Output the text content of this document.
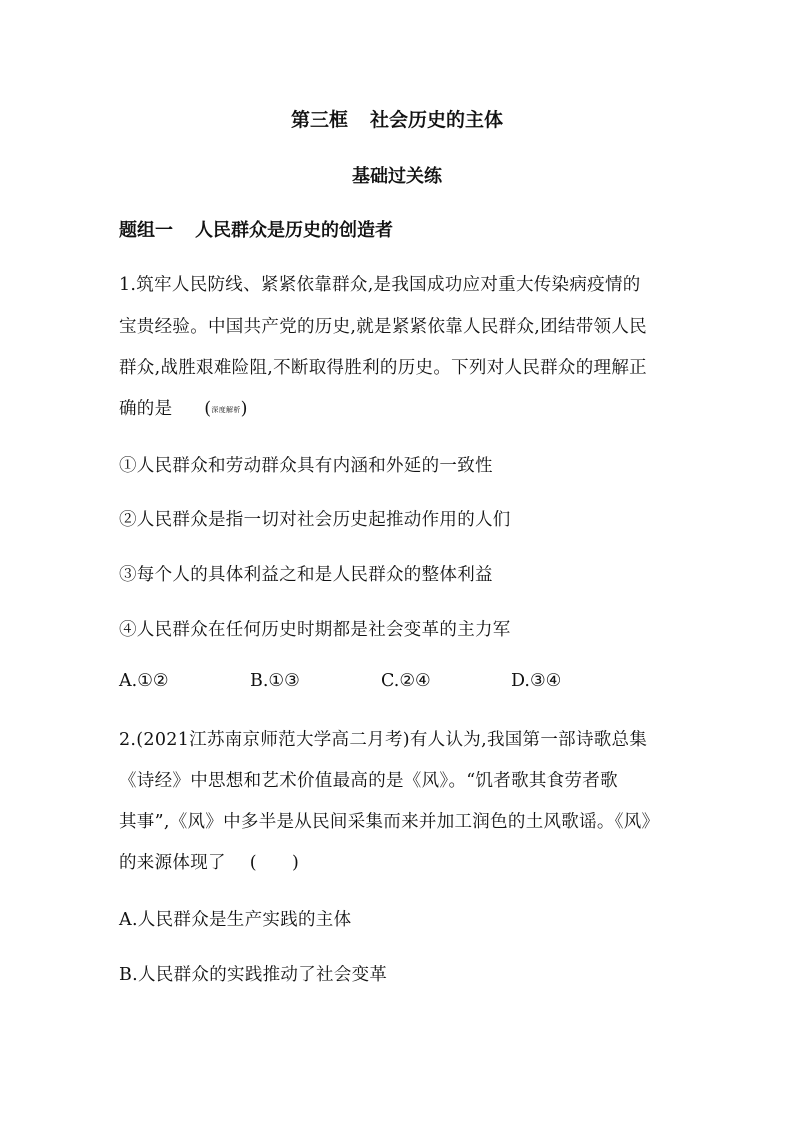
第三框 社会历史的主体
基础过关练
题组一 人民群众是历史的创造者
1.筑牢人民防线、紧紧依靠群众,是我国成功应对重大传染病疫情的
宝贵经验。中国共产党的历史,就是紧紧依靠人民群众,团结带领人民
群众,战胜艰难险阻,不断取得胜利的历史。下列对人民群众的理解正
确的是 (深度解析)
①人民群众和劳动群众具有内涵和外延的一致性
②人民群众是指一切对社会历史起推动作用的人们
③每个人的具体利益之和是人民群众的整体利益
④人民群众在任何历史时期都是社会变革的主力军
A.①②	B.①③	C.②④	D.③④
2.(2021江苏南京师范大学高二月考)有人认为,我国第一部诗歌总集
《诗经》中思想和艺术价值最高的是《风》。“饥者歌其食劳者歌
其事”,《风》中多半是从民间采集而来并加工润色的土风歌谣。《风》
的来源体现了 (      )
A.人民群众是生产实践的主体
B.人民群众的实践推动了社会变革
